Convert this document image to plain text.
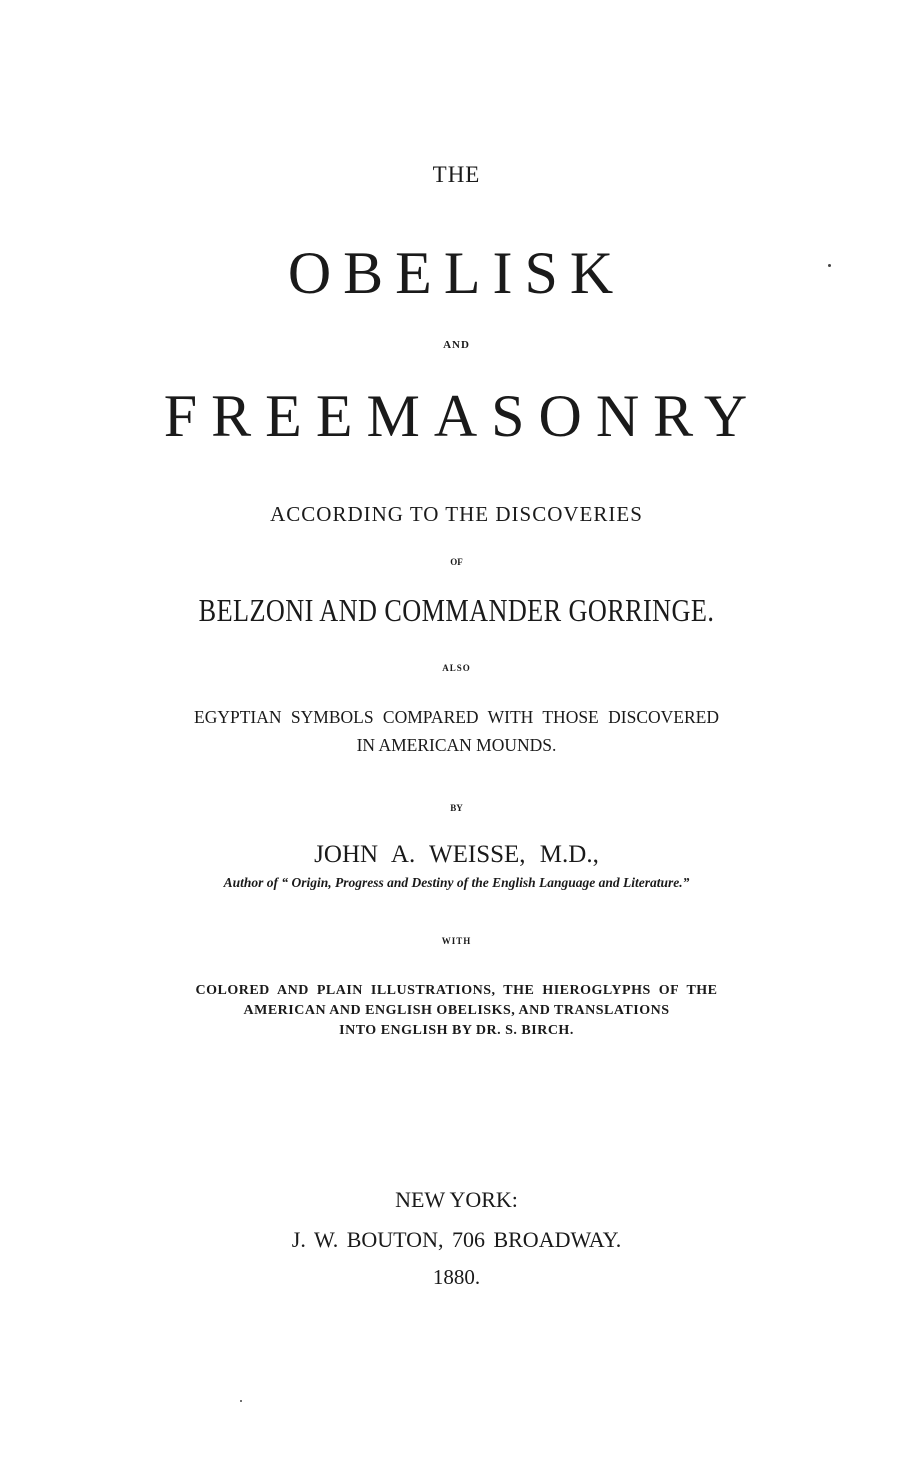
THE
OBELISK
AND
FREEMASONRY
ACCORDING TO THE DISCOVERIES
OF
BELZONI AND COMMANDER GORRINGE.
ALSO
EGYPTIAN SYMBOLS COMPARED WITH THOSE DISCOVERED
IN AMERICAN MOUNDS.
BY
JOHN A. WEISSE, M.D.,
Author of “ Origin, Progress and Destiny of the English Language and Literature.”
WITH
COLORED AND PLAIN ILLUSTRATIONS, THE HIEROGLYPHS OF THE
AMERICAN AND ENGLISH OBELISKS, AND TRANSLATIONS
INTO ENGLISH BY DR. S. BIRCH.
NEW YORK:
J. W. BOUTON, 706 BROADWAY.
1880.
